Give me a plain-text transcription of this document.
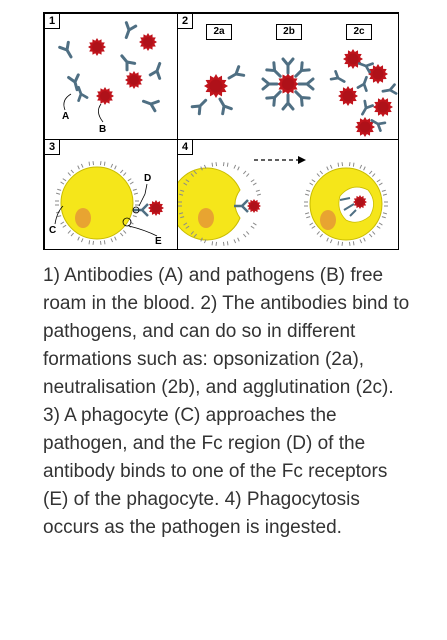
1
A
B
2
2a	2b	2c
3
C
D
E
4

1) Antibodies (A) and pathogens (B) free roam in the blood. 2) The antibodies bind to pathogens, and can do so in different formations such as: opsonization (2a), neutralisation (2b), and agglutination (2c). 3) A phagocyte (C) approaches the pathogen, and the Fc region (D) of the antibody binds to one of the Fc receptors (E) of the phagocyte. 4) Phagocytosis occurs as the pathogen is ingested.
